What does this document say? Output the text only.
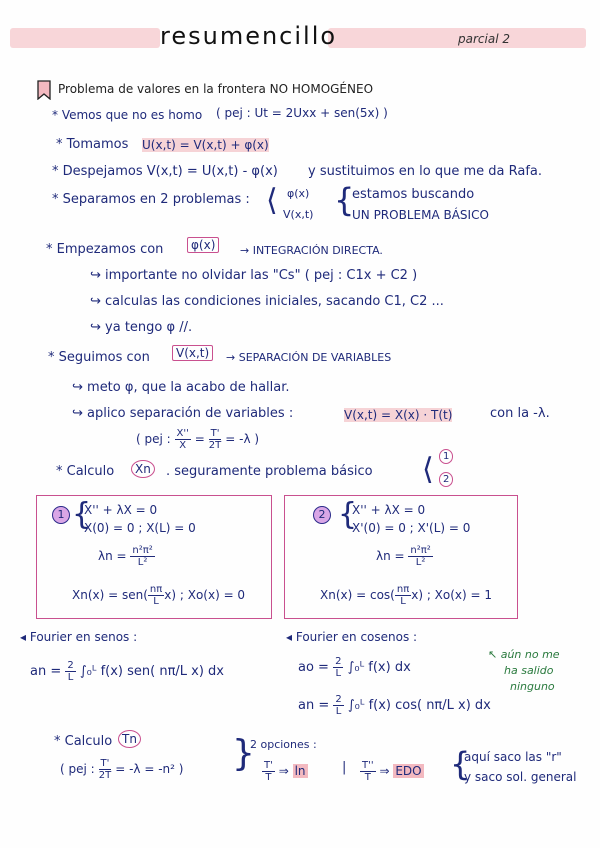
resumencillo	parcial 2
Problema de valores en la frontera NO HOMOGÉNEO
* Vemos que no es homo ( pej : Ut = 2Uxx + sen(5x) )
* Tomamos U(x,t) = V(x,t) + φ(x)
* Despejamos V(x,t) = U(x,t) - φ(x) y sustituimos en lo que me da Rafa.
* Separamos en 2 problemas :	φ(x)
V(x,t)
⟨ {
estamos buscando
UN PROBLEMA BÁSICO
* Empezamos con	φ(x)	→ INTEGRACIÓN DIRECTA.
↪ importante no olvidar las "Cs" ( pej : C1x + C2 )
↪ calculas las condiciones iniciales, sacando C1, C2 ...
↪ ya tengo φ //.
* Seguimos con	V(x,t)	→ SEPARACIÓN DE VARIABLES
↪ meto φ, que la acabo de hallar.
↪ aplico separación de variables :	V(x,t) = X(x) · T(t)	con la -λ.
( pej : $\frac{X''}{X} = \frac{T'}{2T} = -\lambda$ )
* Calculo	Xn	. seguramente problema básico ⟨ 1
2
1 {
X'' + λX = 0
X(0) = 0 ; X(L) = 0
$\lambda n = \frac{\text{n²π²}}{\text{L²}}$
$Xn(x) = sen( \frac{n\pi}{L} x)$ ; Xo(x) = 0
2 {
X'' + λX = 0
X'(0) = 0 ; X'(L) = 0
$\lambda n = \frac{\text{n²π²}}{\text{L²}}$
$Xn(x) = \cos( \frac{n\pi}{L} x)$ ; Xo(x) = 1
◂ Fourier en senos :
an = $\frac{2}{L}$ ∫₀ᴸ f(x) sen( nπ/L x) dx
◂ Fourier en cosenos :
ao = $\frac{2}{L}$ ∫₀ᴸ f(x) dx
an = $\frac{2}{L}$ ∫₀ᴸ f(x) cos( nπ/L x) dx
↖ aún no me
ha salido
ninguno
* Calculo Tn
( pej : $\frac{T'}{2T} = -\lambda = -n^2$ ) }
2 opciones :
$\frac{T'}{T}$ ⇒ ln	| $\frac{T''}{T}$ ⇒ EDO {
aquí saco las "r"
y saco sol. general
